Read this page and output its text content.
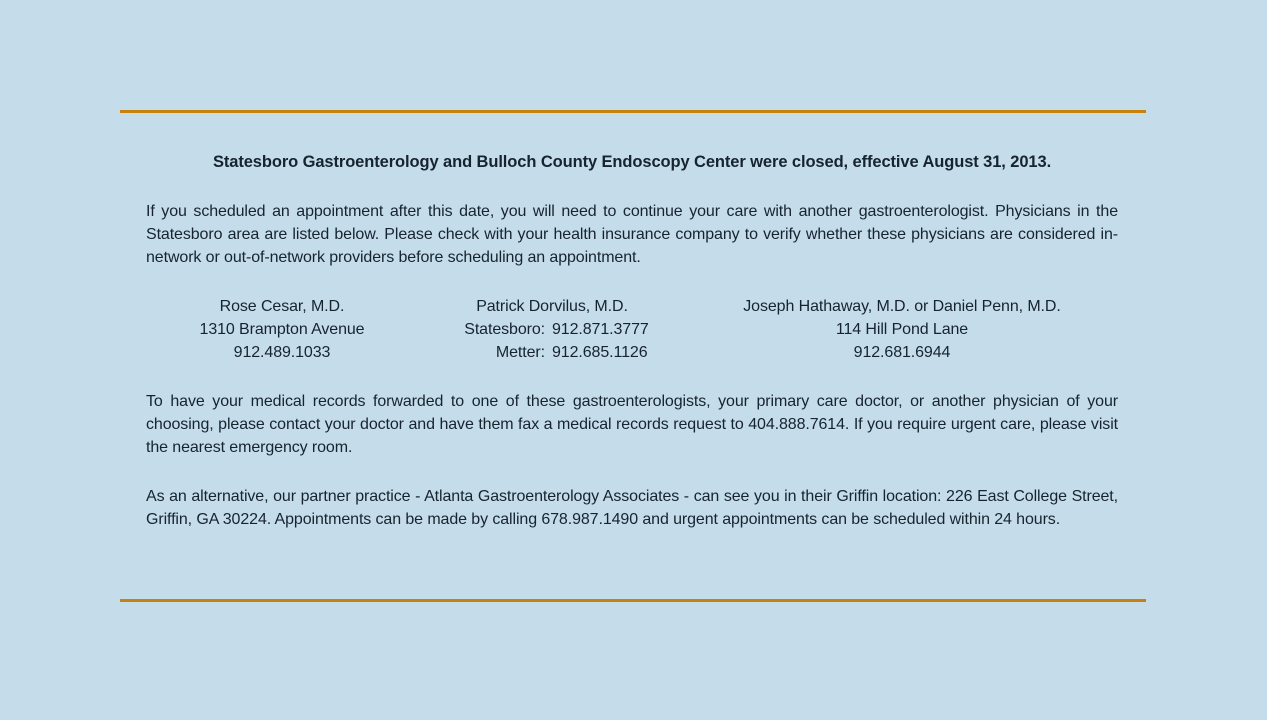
Statesboro Gastroenterology and Bulloch County Endoscopy Center were closed, effective August 31, 2013.

If you scheduled an appointment after this date, you will need to continue your care with another gastroenterologist. Physicians in the Statesboro area are listed below. Please check with your health insurance company to verify whether these physicians are considered in-network or out-of-network providers before scheduling an appointment.

Rose Cesar, M.D.
1310 Brampton Avenue
912.489.1033
Patrick Dorvilus, M.D.
Statesboro: 912.871.3777
Metter: 912.685.1126
Joseph Hathaway, M.D. or Daniel Penn, M.D.
114 Hill Pond Lane
912.681.6944

To have your medical records forwarded to one of these gastroenterologists, your primary care doctor, or another physician of your choosing, please contact your doctor and have them fax a medical records request to 404.888.7614. If you require urgent care, please visit the nearest emergency room.

As an alternative, our partner practice - Atlanta Gastroenterology Associates - can see you in their Griffin location: 226 East College Street, Griffin, GA 30224. Appointments can be made by calling 678.987.1490 and urgent appointments can be scheduled within 24 hours.
